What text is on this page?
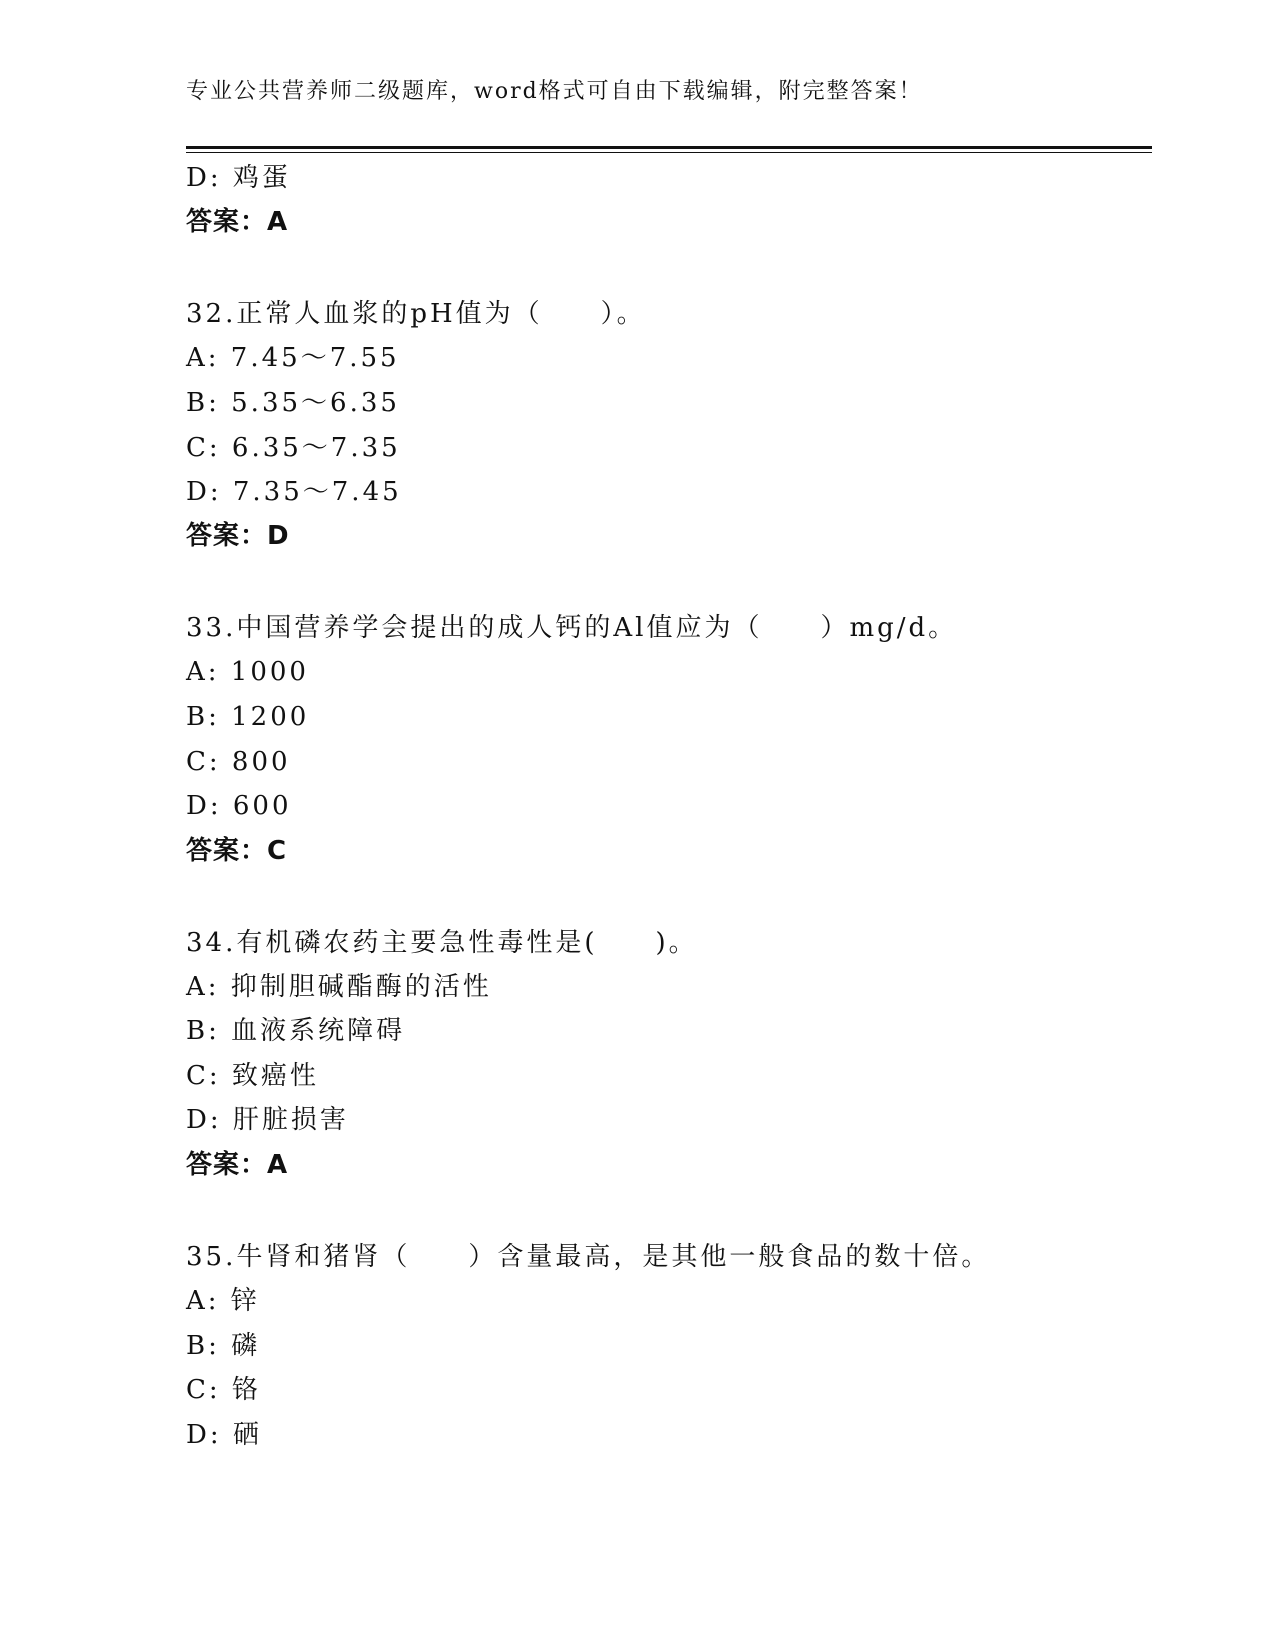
专业公共营养师二级题库，word格式可自由下载编辑，附完整答案！
D: 鸡蛋
答案：A
32.正常人血浆的pH值为（　　）。
A: 7.45～7.55
B: 5.35～6.35
C: 6.35～7.35
D: 7.35～7.45
答案：D
33.中国营养学会提出的成人钙的Al值应为（　　）mg/d。
A: 1000
B: 1200
C: 800
D: 600
答案：C
34.有机磷农药主要急性毒性是(　　)。
A: 抑制胆碱酯酶的活性
B: 血液系统障碍
C: 致癌性
D: 肝脏损害
答案：A
35.牛肾和猪肾（　　）含量最高，是其他一般食品的数十倍。
A: 锌
B: 磷
C: 铬
D: 硒
